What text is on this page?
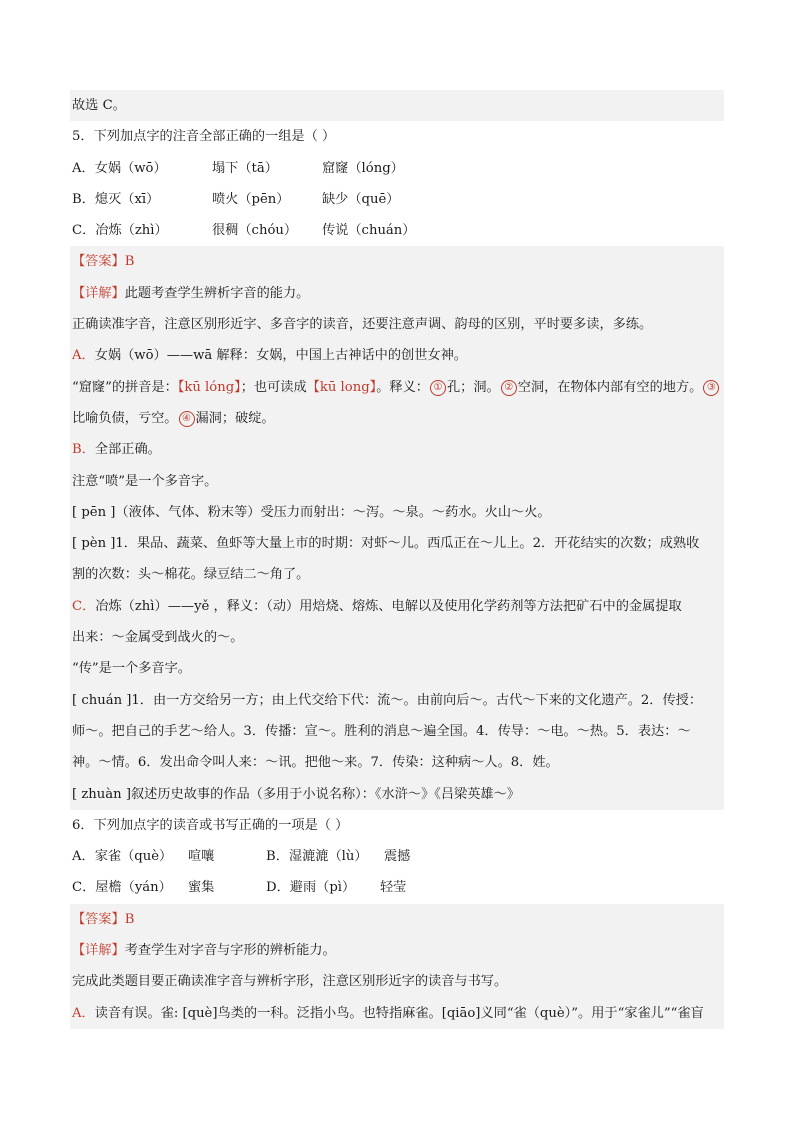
故选 C。
5．下列加点字的注音全部正确的一组是（ ）
A．女娲（wō）	塌下（tā）	窟窿（lóng）
B．熄灭（xī）	喷火（pēn） 缺少（quē）
C．冶炼（zhì）	很稠（chóu） 传说（chuán）
【答案】B
【详解】此题考查学生辨析字音的能力。
正确读准字音，注意区别形近字、多音字的读音，还要注意声调、韵母的区别，平时要多读，多练。
A．女娲（wō）——wā 解释：女娲，中国上古神话中的创世女神。
“窟窿”的拼音是：【kū lóng】；也可读成【kū long】。释义： ① 孔；洞。 ② 空洞，在物体内部有空的地方。 ③
比喻负债，亏空。 ④ 漏洞；破绽。
B．全部正确。
注意“喷”是一个多音字。
[ pēn ]（液体、气体、粉末等）受压力而射出：～泻。～泉。～药水。火山～火。
[ pèn ]1．果品、蔬菜、鱼虾等大量上市的时期：对虾～儿。西瓜正在～儿上。2．开花结实的次数；成熟收
割的次数：头～棉花。绿豆结二～角了。
C．冶炼（zhì）——yě ，释义：（动）用焙烧、熔炼、电解以及使用化学药剂等方法把矿石中的金属提取
出来：～金属受到战火的～。
“传”是一个多音字。
[ chuán ]1．由一方交给另一方；由上代交给下代：流～。由前向后～。古代～下来的文化遗产。2．传授：
师～。把自己的手艺～给人。3．传播：宣～。胜利的消息～遍全国。4．传导：～电。～热。5．表达：～
神。～情。6．发出命令叫人来：～讯。把他～来。7．传染：这种病～人。8．姓。
[ zhuàn ]叙述历史故事的作品（多用于小说名称）：《水浒～》《吕梁英雄～》
6．下列加点字的读音或书写正确的一项是（ ）
A．家雀（què） 喧嚷	B．湿漉漉（lù） 震撼
C．屋檐（yán） 蜜集	D．避雨（pì） 轻莹
【答案】B
【详解】考查学生对字音与字形的辨析能力。
完成此类题目要正确读准字音与辨析字形，注意区别形近字的读音与书写。
A．读音有误。雀: [què]鸟类的一科。泛指小鸟。也特指麻雀。[qiāo]义同“雀（què）”。用于“家雀儿”“雀盲
